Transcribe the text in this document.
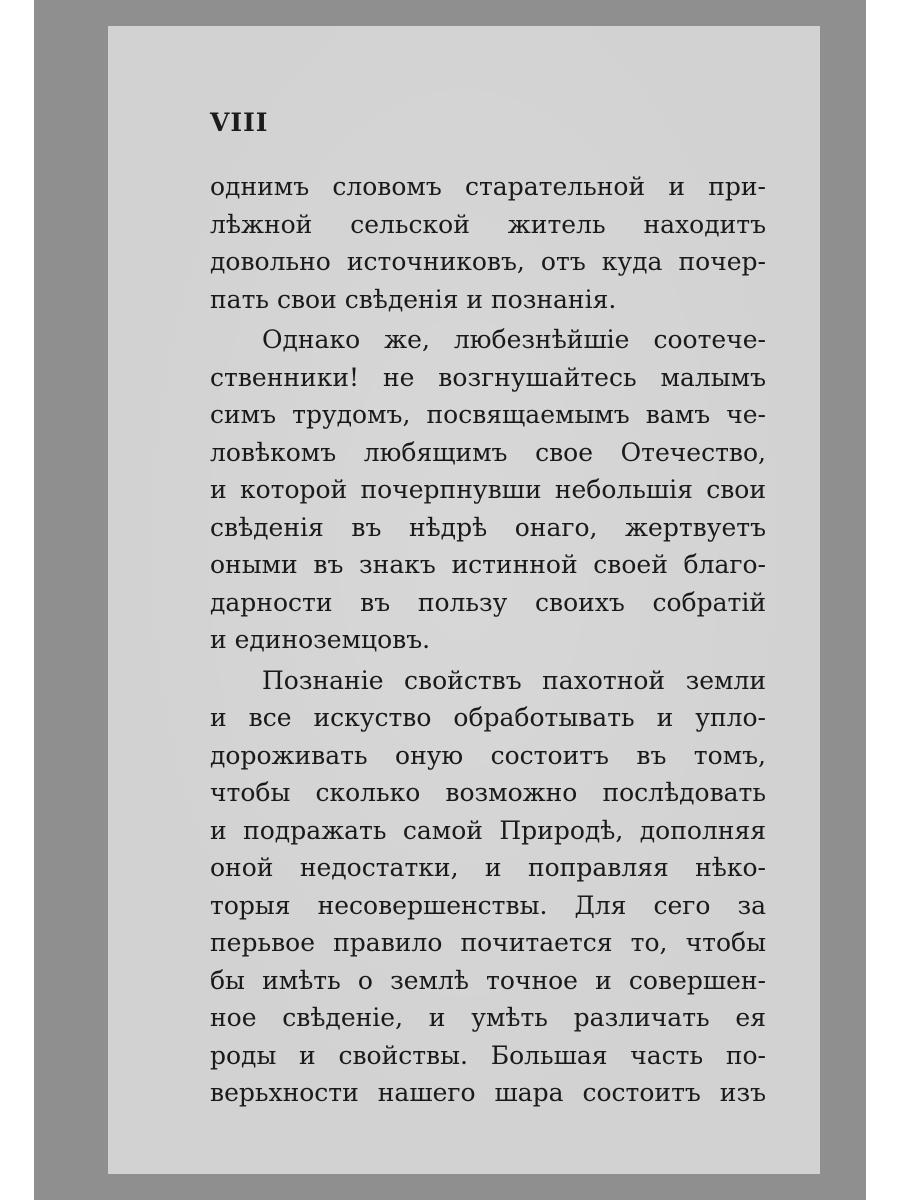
VIII
однимъ словомъ старательной и при-
лѣжной сельской житель находитъ
довольно источниковъ, отъ куда почер-
пать свои свѣденія и познанія.
Однако же, любезнѣйшіе соотече-
ственники! не возгнушайтесь малымъ
симъ трудомъ, посвящаемымъ вамъ че-
ловѣкомъ любящимъ свое Отечество,
и которой почерпнувши небольшія свои
свѣденія въ нѣдрѣ онаго, жертвуетъ
оными въ знакъ истинной своей благо-
дарности въ пользу своихъ собратій
и единоземцовъ.
Познаніе свойствъ пахотной земли
и все искуство обработывать и упло-
дороживать оную состоитъ въ томъ,
чтобы сколько возможно послѣдовать
и подражать самой Природѣ, дополняя
оной недостатки, и поправляя нѣко-
торыя несовершенствы. Для сего за
перьвое правило почитается то, чтобы
бы имѣть о землѣ точное и совершен-
ное свѣденіе, и умѣть различать ея
роды и свойствы. Большая часть по-
верьхности нашего шара состоитъ изъ
